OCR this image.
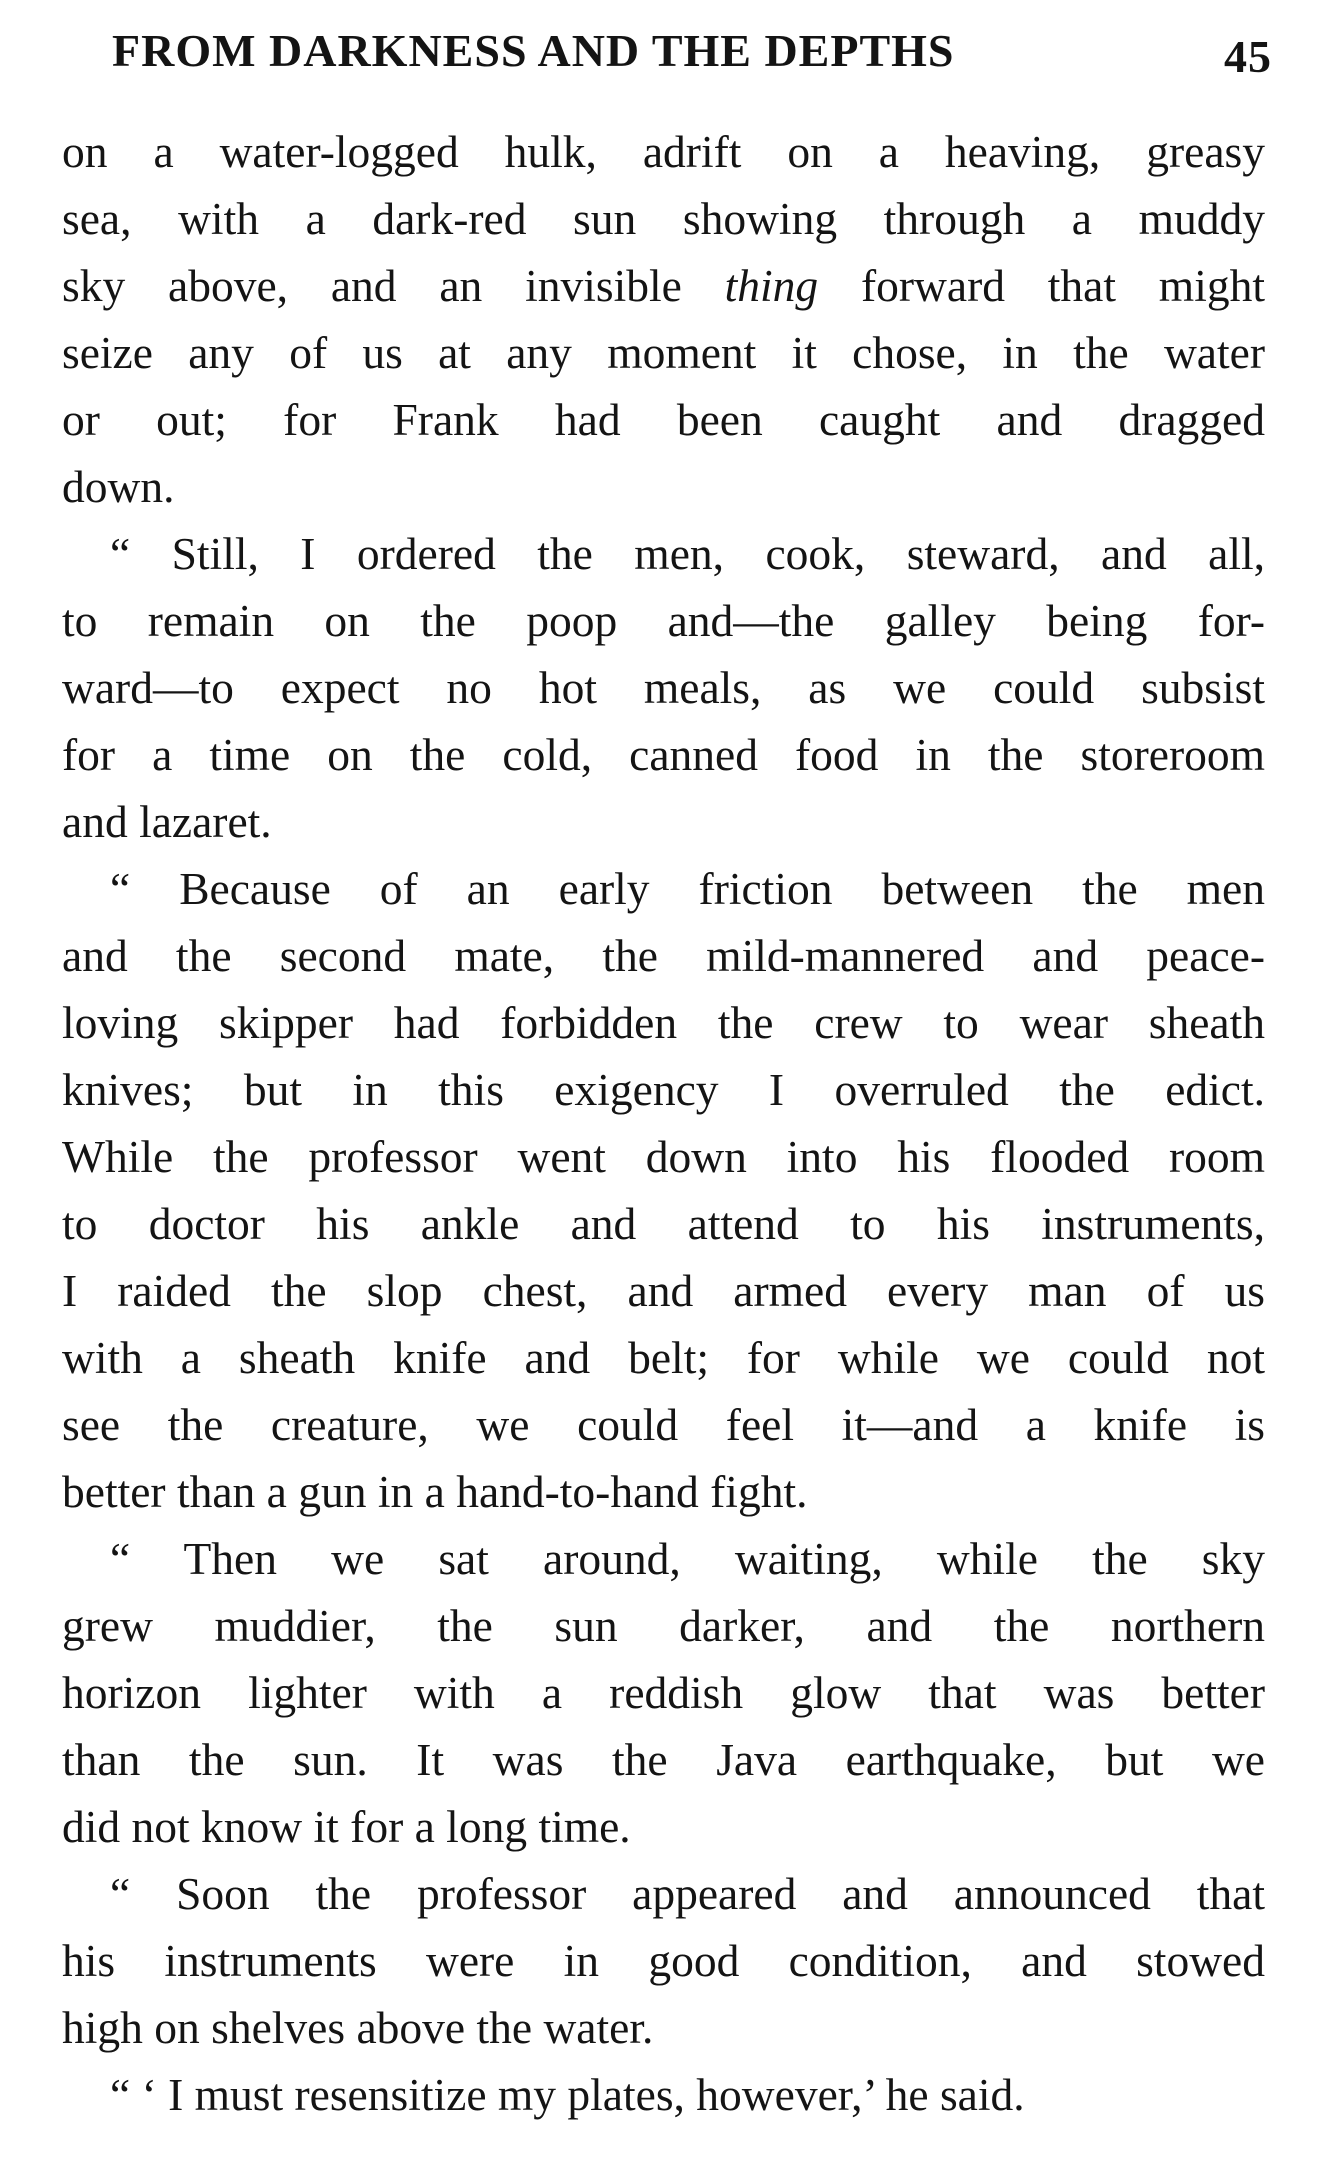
FROM DARKNESS AND THE DEPTHS	45
on a water-logged hulk, adrift on a heaving, greasy
sea, with a dark-red sun showing through a muddy
sky above, and an invisible thing forward that might
seize any of us at any moment it chose, in the water
or out; for Frank had been caught and dragged
down.
“ Still, I ordered the men, cook, steward, and all,
to remain on the poop and—the galley being for-
ward—to expect no hot meals, as we could subsist
for a time on the cold, canned food in the storeroom
and lazaret.
“ Because of an early friction between the men
and the second mate, the mild-mannered and peace-
loving skipper had forbidden the crew to wear sheath
knives; but in this exigency I overruled the edict.
While the professor went down into his flooded room
to doctor his ankle and attend to his instruments,
I raided the slop chest, and armed every man of us
with a sheath knife and belt; for while we could not
see the creature, we could feel it—and a knife is
better than a gun in a hand-to-hand fight.
“ Then we sat around, waiting, while the sky
grew muddier, the sun darker, and the northern
horizon lighter with a reddish glow that was better
than the sun. It was the Java earthquake, but we
did not know it for a long time.
“ Soon the professor appeared and announced that
his instruments were in good condition, and stowed
high on shelves above the water.
“ ‘ I must resensitize my plates, however,’ he said.
